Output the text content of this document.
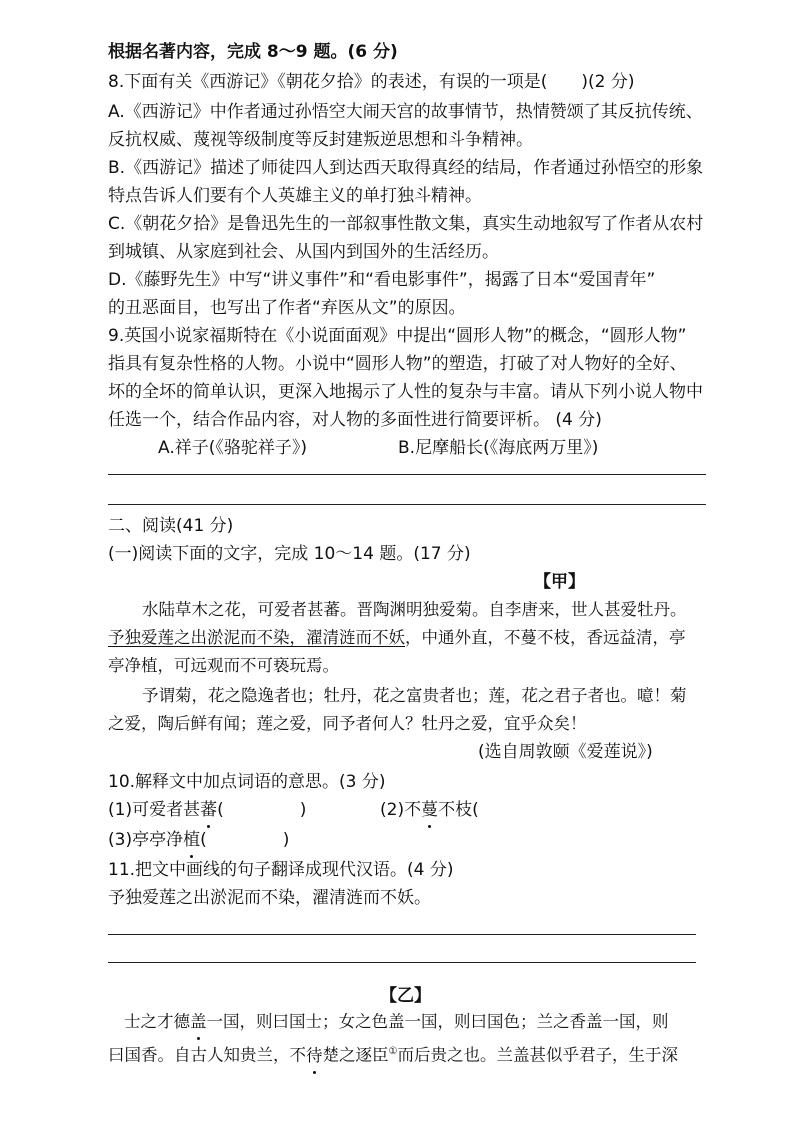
根据名著内容，完成 8～9 题。(6 分)
8.下面有关《西游记》《朝花夕拾》的表述，有误的一项是(　　)(2 分)
A.《西游记》中作者通过孙悟空大闹天宫的故事情节，热情赞颂了其反抗传统、
反抗权威、蔑视等级制度等反封建叛逆思想和斗争精神。
B.《西游记》描述了师徒四人到达西天取得真经的结局，作者通过孙悟空的形象
特点告诉人们要有个人英雄主义的单打独斗精神。
C.《朝花夕拾》是鲁迅先生的一部叙事性散文集，真实生动地叙写了作者从农村
到城镇、从家庭到社会、从国内到国外的生活经历。
D.《藤野先生》中写“讲义事件”和“看电影事件”，揭露了日本“爱国青年”
的丑恶面目，也写出了作者“弃医从文”的原因。
9.英国小说家福斯特在《小说面面观》中提出“圆形人物”的概念，“圆形人物”
指具有复杂性格的人物。小说中“圆形人物”的塑造，打破了对人物好的全好、
坏的全坏的简单认识，更深入地揭示了人性的复杂与丰富。请从下列小说人物中
任选一个，结合作品内容，对人物的多面性进行简要评析。 (4 分)
A.祥子(《骆驼祥子》)	B.尼摩船长(《海底两万里》)
二、阅读(41 分)
(一)阅读下面的文字，完成 10～14 题。(17 分)
【甲】
水陆草木之花，可爱者甚蕃。晋陶渊明独爱菊。自李唐来，世人甚爱牡丹。
予独爱莲之出淤泥而不染，濯清涟而不妖，中通外直，不蔓不枝，香远益清，亭
亭净植，可远观而不可亵玩焉。
予谓菊，花之隐逸者也；牡丹，花之富贵者也；莲，花之君子者也。噫！菊
之爱，陶后鲜有闻；莲之爱，同予者何人？牡丹之爱，宜乎众矣！
(选自周敦颐《爱莲说》)
10.解释文中加点词语的意思。(3 分)
(1)可爱者甚蕃(	)	(2)不蔓不枝(
(3)亭亭净植(	)
11.把文中画线的句子翻译成现代汉语。(4 分)
予独爱莲之出淤泥而不染，濯清涟而不妖。
【乙】
士之才德盖一国，则曰国士；女之色盖一国，则曰国色；兰之香盖一国，则
曰国香。自古人知贵兰，不待楚之逐臣①而后贵之也。兰盖甚似乎君子，生于深
